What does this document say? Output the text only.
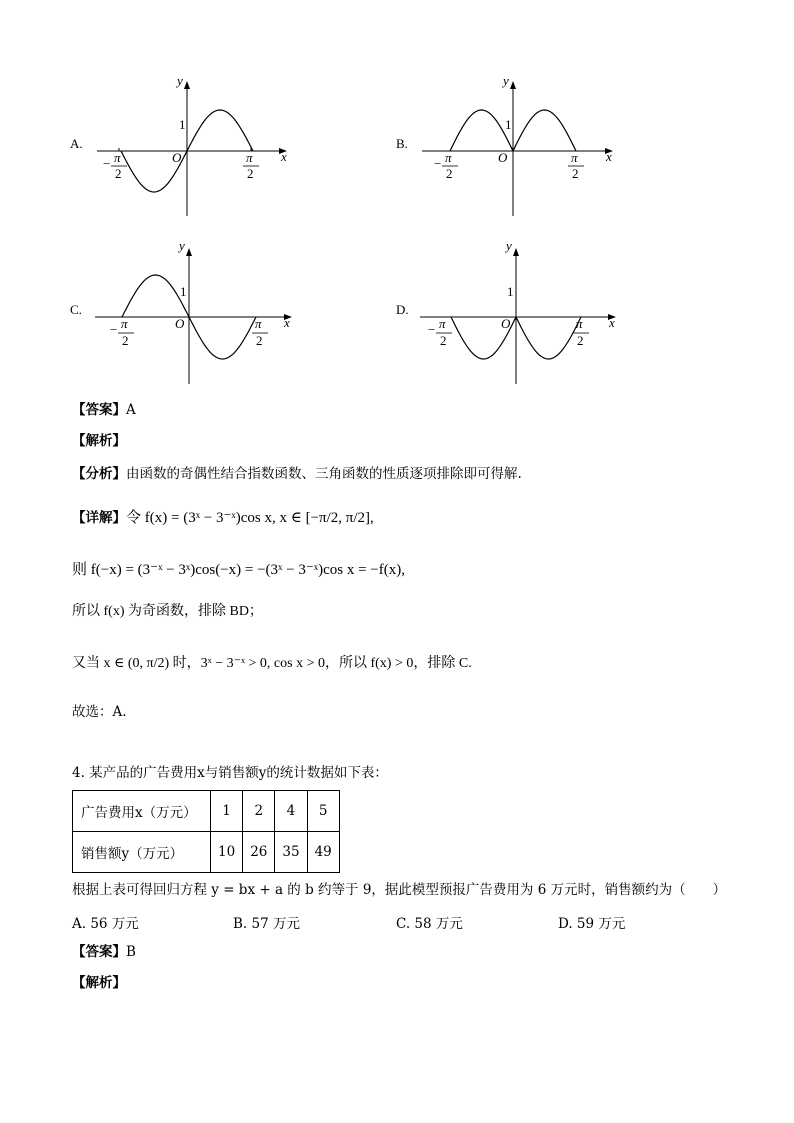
A.
y
1
O	x
− π
2
π
2
B.
y
1
O	x
− π
2
π
2
C.
y
1
O	x
− π
2
π
2
D.
y
1
O	x
− π
2
π
2
【答案】A
【解析】
【分析】由函数的奇偶性结合指数函数、三角函数的性质逐项排除即可得解.
【详解】令 f(x) = (3ˣ − 3⁻ˣ)cos x, x ∈ [−π/2, π/2],
则 f(−x) = (3⁻ˣ − 3ˣ)cos(−x) = −(3ˣ − 3⁻ˣ)cos x = −f(x),
所以 f(x) 为奇函数，排除 BD；
又当 x ∈ (0, π/2) 时，3ˣ − 3⁻ˣ > 0, cos x > 0，所以 f(x) > 0，排除 C.
故选：A.
4. 某产品的广告费用x与销售额y的统计数据如下表：
广告费用x（万元）	1	2	4	5
销售额y（万元）	10	26	35	49
根据上表可得回归方程 y = bx + a 的 b 约等于 9，据此模型预报广告费用为 6 万元时，销售额约为（　　）
A. 56 万元	B. 57 万元	C. 58 万元	D. 59 万元
【答案】B
【解析】
